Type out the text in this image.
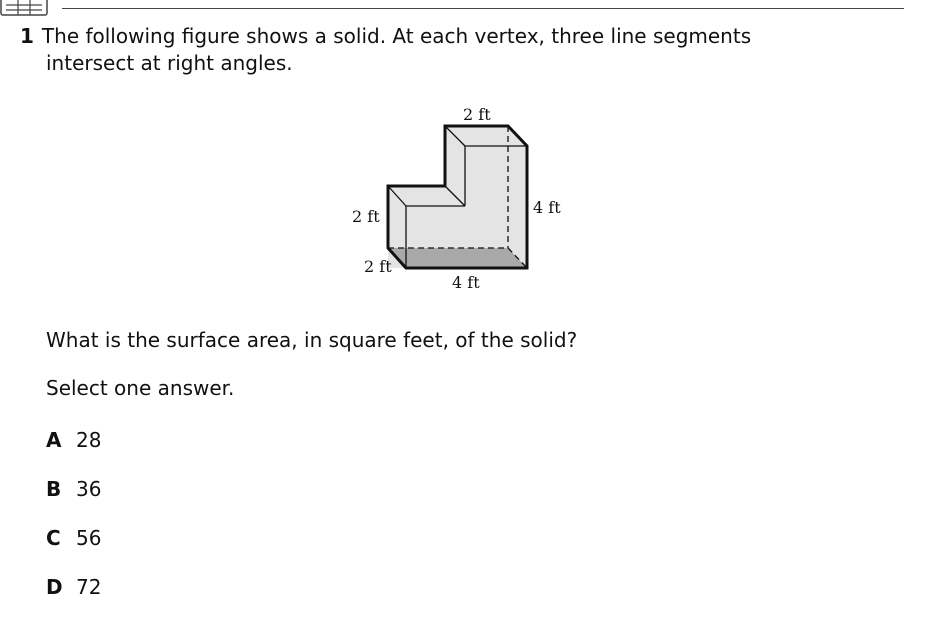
1 The following figure shows a solid. At each vertex, three line segments
intersect at right angles.
2 ft
4 ft
2 ft
2 ft
4 ft
What is the surface area, in square feet, of the solid?
Select one answer.
A 28
B 36
C 56
D 72
